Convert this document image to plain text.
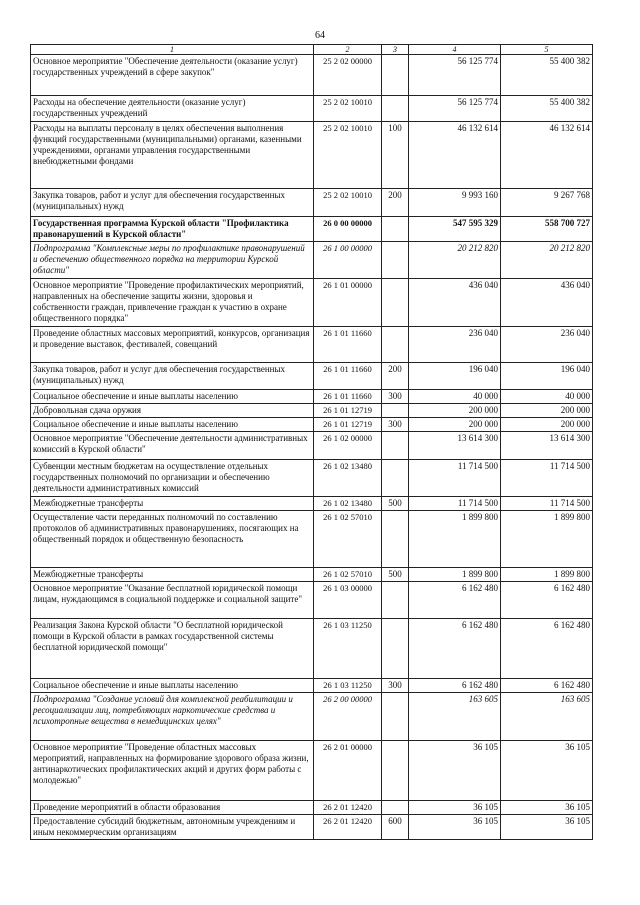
64
1	2	3	4	5
Основное мероприятие "Обеспечение деятельности (оказание услуг) государственных учреждений в сфере закупок"	25 2 02 00000		56 125 774	55 400 382
Расходы на обеспечение деятельности (оказание услуг) государственных учреждений	25 2 02 10010		56 125 774	55 400 382
Расходы на выплаты персоналу в целях обеспечения выполнения функций государственными (муниципальными) органами, казенными учреждениями, органами управления государственными внебюджетными фондами	25 2 02 10010	100	46 132 614	46 132 614
Закупка товаров, работ и услуг для обеспечения государственных (муниципальных) нужд	25 2 02 10010	200	9 993 160	9 267 768
Государственная программа Курской области "Профилактика правонарушений в Курской области"	26 0 00 00000		547 595 329	558 700 727
Подпрограмма "Комплексные меры по профилактике правонарушений и обеспечению общественного порядка на территории Курской области"	26 1 00 00000		20 212 820	20 212 820
Основное мероприятие "Проведение профилактических мероприятий, направленных на обеспечение защиты жизни, здоровья и собственности граждан, привлечение граждан к участию в охране общественного порядка"	26 1 01 00000		436 040	436 040
Проведение областных массовых мероприятий, конкурсов, организация и проведение выставок, фестивалей, совещаний	26 1 01 11660		236 040	236 040
Закупка товаров, работ и услуг для обеспечения государственных (муниципальных) нужд	26 1 01 11660	200	196 040	196 040
Социальное обеспечение и иные выплаты населению	26 1 01 11660	300	40 000	40 000
Добровольная сдача оружия	26 1 01 12719		200 000	200 000
Социальное обеспечение и иные выплаты населению	26 1 01 12719	300	200 000	200 000
Основное мероприятие "Обеспечение деятельности административных комиссий в Курской области"	26 1 02 00000		13 614 300	13 614 300
Субвенции местным бюджетам на осуществление отдельных государственных полномочий по организации и обеспечению деятельности административных комиссий	26 1 02 13480		11 714 500	11 714 500
Межбюджетные трансферты	26 1 02 13480	500	11 714 500	11 714 500
Осуществление части переданных полномочий по составлению протоколов об административных правонарушениях, посягающих на общественный порядок и общественную безопасность	26 1 02 57010		1 899 800	1 899 800
Межбюджетные трансферты	26 1 02 57010	500	1 899 800	1 899 800
Основное мероприятие "Оказание бесплатной юридической помощи лицам, нуждающимся в социальной поддержке и социальной защите"	26 1 03 00000		6 162 480	6 162 480
Реализация Закона Курской области "О бесплатной юридической помощи в Курской области в рамках государственной системы бесплатной юридической помощи"	26 1 03 11250		6 162 480	6 162 480
Социальное обеспечение и иные выплаты населению	26 1 03 11250	300	6 162 480	6 162 480
Подпрограмма "Создание условий для комплексной реабилитации и ресоциализации лиц, потребляющих наркотические средства и психотропные вещества в немедицинских целях"	26 2 00 00000		163 605	163 605
Основное мероприятие "Проведение областных массовых мероприятий, направленных на формирование здорового образа жизни, антинаркотических профилактических акций и других форм работы с молодежью"	26 2 01 00000		36 105	36 105
Проведение мероприятий в области образования	26 2 01 12420		36 105	36 105
Предоставление субсидий бюджетным, автономным учреждениям и иным некоммерческим организациям	26 2 01 12420	600	36 105	36 105
